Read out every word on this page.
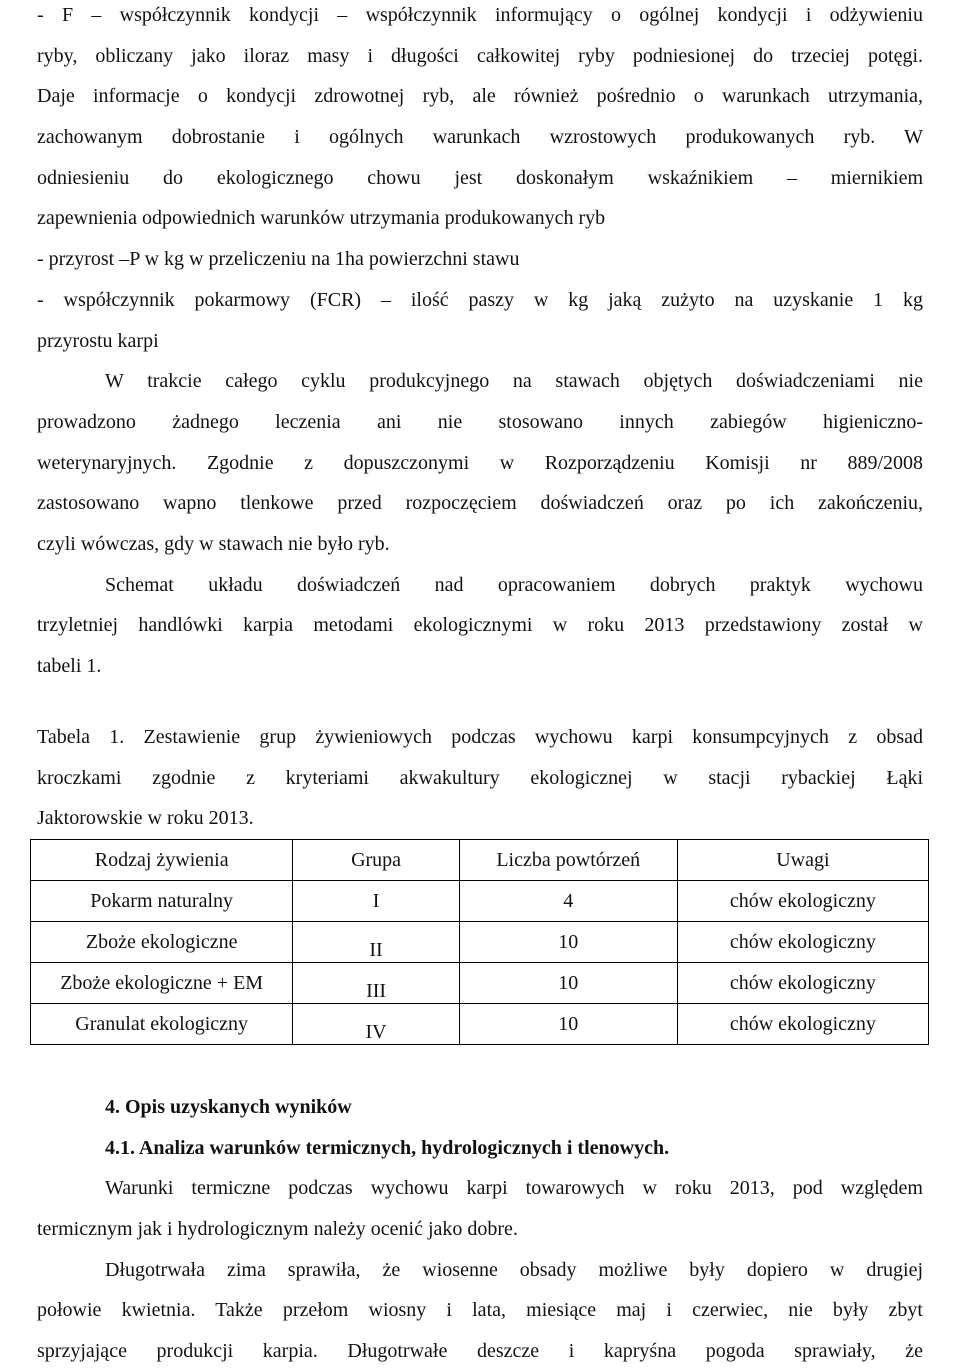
- F – współczynnik kondycji – współczynnik informujący o ogólnej kondycji i odżywieniu
ryby, obliczany jako iloraz masy i długości całkowitej ryby podniesionej do trzeciej potęgi.
Daje informacje o kondycji zdrowotnej ryb, ale również pośrednio o warunkach utrzymania,
zachowanym dobrostanie i ogólnych warunkach wzrostowych produkowanych ryb. W
odniesieniu do ekologicznego chowu jest doskonałym wskaźnikiem – miernikiem
zapewnienia odpowiednich warunków utrzymania produkowanych ryb
- przyrost –P w kg w przeliczeniu na 1ha powierzchni stawu
- współczynnik pokarmowy (FCR) – ilość paszy w kg jaką zużyto na uzyskanie 1 kg
przyrostu karpi
W trakcie całego cyklu produkcyjnego na stawach objętych doświadczeniami nie
prowadzono żadnego leczenia ani nie stosowano innych zabiegów higieniczno-
weterynaryjnych. Zgodnie z dopuszczonymi w Rozporządzeniu Komisji nr 889/2008
zastosowano wapno tlenkowe przed rozpoczęciem doświadczeń oraz po ich zakończeniu,
czyli wówczas, gdy w stawach nie było ryb.
Schemat układu doświadczeń nad opracowaniem dobrych praktyk wychowu
trzyletniej handlówki karpia metodami ekologicznymi w roku 2013 przedstawiony został w
tabeli 1.
Tabela 1. Zestawienie grup żywieniowych podczas wychowu karpi konsumpcyjnych z obsad
kroczkami zgodnie z kryteriami akwakultury ekologicznej w stacji rybackiej Łąki
Jaktorowskie w roku 2013.
Rodzaj żywienia	Grupa	Liczba powtórzeń	Uwagi
Pokarm naturalny	I	4	chów ekologiczny
Zboże ekologiczne	II	10	chów ekologiczny
Zboże ekologiczne + EM	III	10	chów ekologiczny
Granulat ekologiczny	IV	10	chów ekologiczny
4. Opis uzyskanych wyników
4.1. Analiza warunków termicznych, hydrologicznych i tlenowych.
Warunki termiczne podczas wychowu karpi towarowych w roku 2013, pod względem
termicznym jak i hydrologicznym należy ocenić jako dobre.
Długotrwała zima sprawiła, że wiosenne obsady możliwe były dopiero w drugiej
połowie kwietnia. Także przełom wiosny i lata, miesiące maj i czerwiec, nie były zbyt
sprzyjające produkcji karpia. Długotrwałe deszcze i kapryśna pogoda sprawiały, że
